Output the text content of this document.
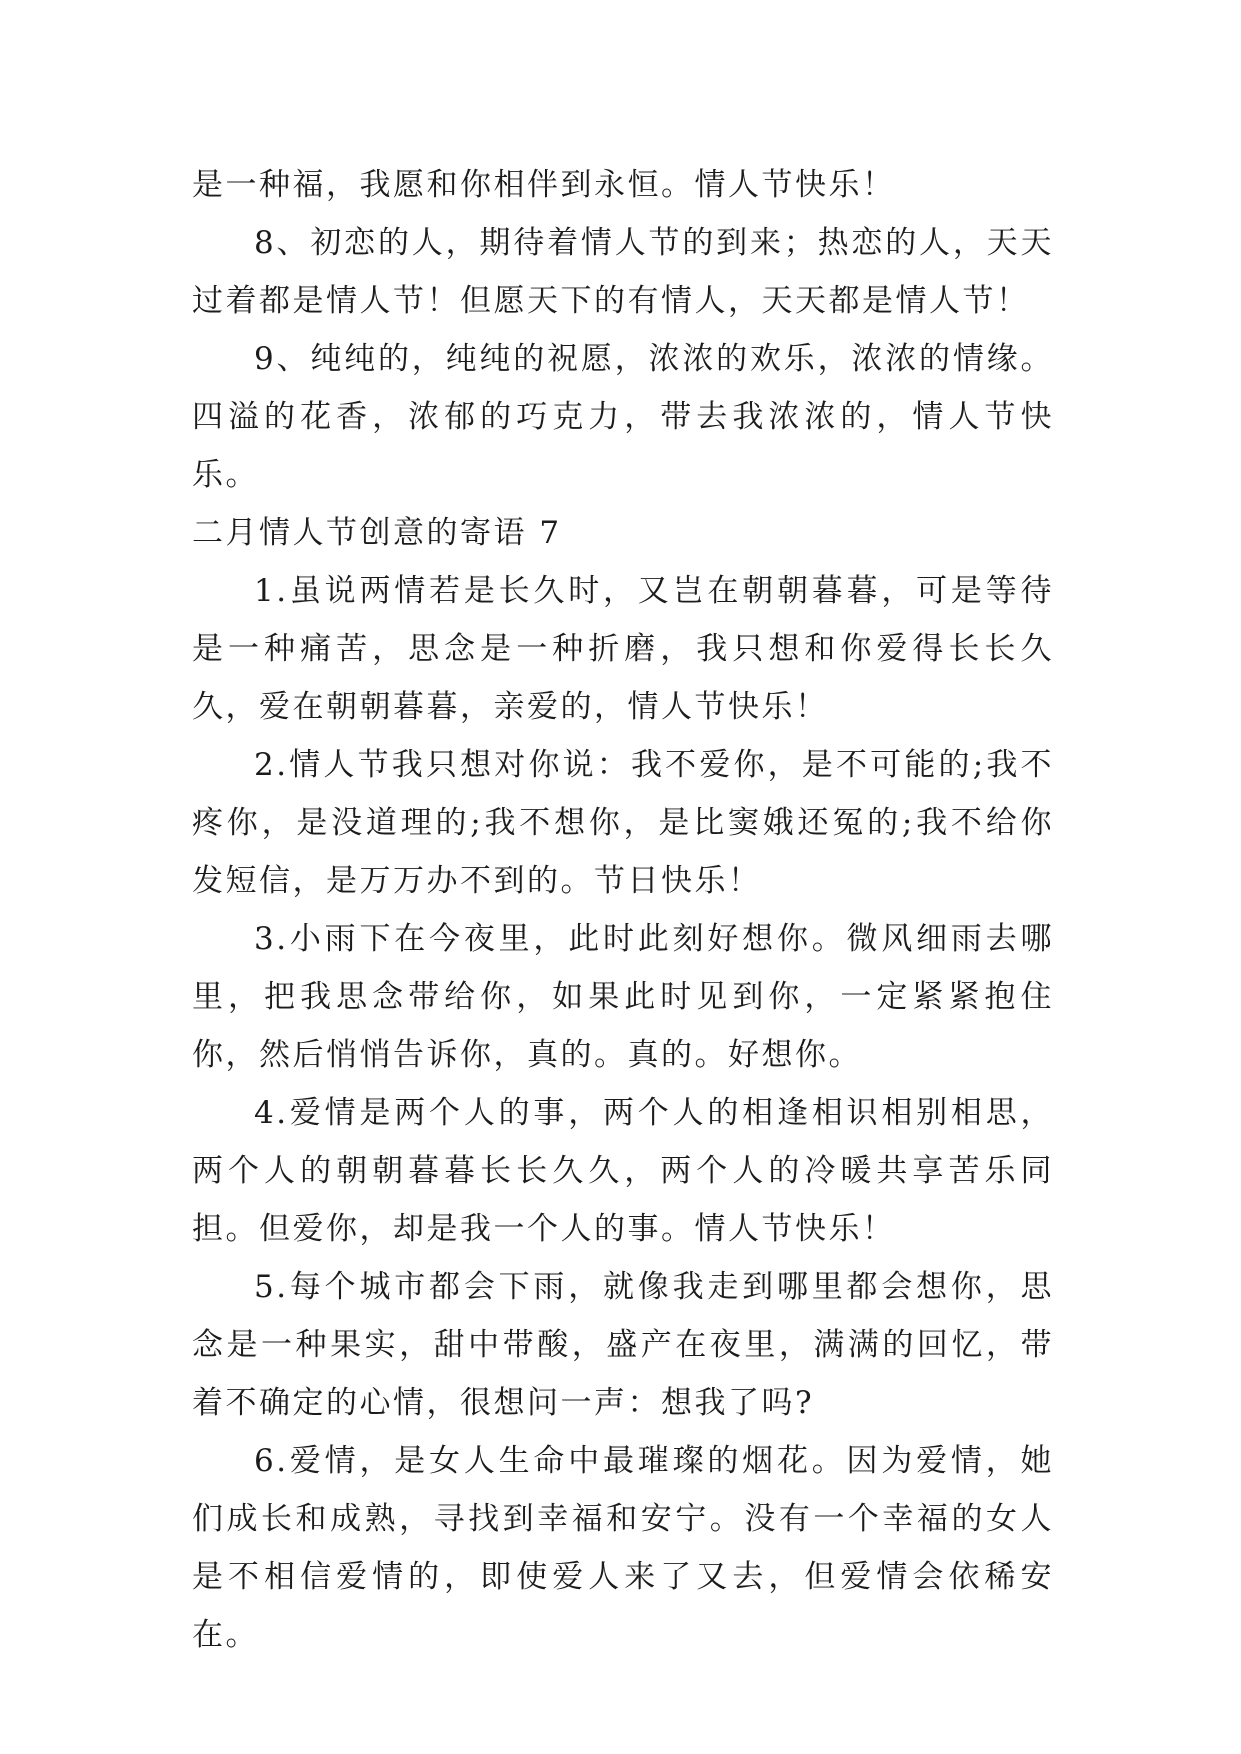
是一种福，我愿和你相伴到永恒。情人节快乐！

8、初恋的人，期待着情人节的到来；热恋的人，天天过着都是情人节！但愿天下的有情人，天天都是情人节！

9、纯纯的，纯纯的祝愿，浓浓的欢乐，浓浓的情缘。四溢的花香，浓郁的巧克力，带去我浓浓的，情人节快乐。

二月情人节创意的寄语 7

1.虽说两情若是长久时，又岂在朝朝暮暮，可是等待是一种痛苦，思念是一种折磨，我只想和你爱得长长久久，爱在朝朝暮暮，亲爱的，情人节快乐！

2.情人节我只想对你说：我不爱你，是不可能的;我不疼你，是没道理的;我不想你，是比窦娥还冤的;我不给你发短信，是万万办不到的。节日快乐！

3.小雨下在今夜里，此时此刻好想你。微风细雨去哪里，把我思念带给你，如果此时见到你，一定紧紧抱住你，然后悄悄告诉你，真的。真的。好想你。

4.爱情是两个人的事，两个人的相逢相识相别相思，两个人的朝朝暮暮长长久久，两个人的冷暖共享苦乐同担。但爱你，却是我一个人的事。情人节快乐！

5.每个城市都会下雨，就像我走到哪里都会想你，思念是一种果实，甜中带酸，盛产在夜里，满满的回忆，带着不确定的心情，很想问一声：想我了吗?

6.爱情，是女人生命中最璀璨的烟花。因为爱情，她们成长和成熟，寻找到幸福和安宁。没有一个幸福的女人是不相信爱情的，即使爱人来了又去，但爱情会依稀安在。
